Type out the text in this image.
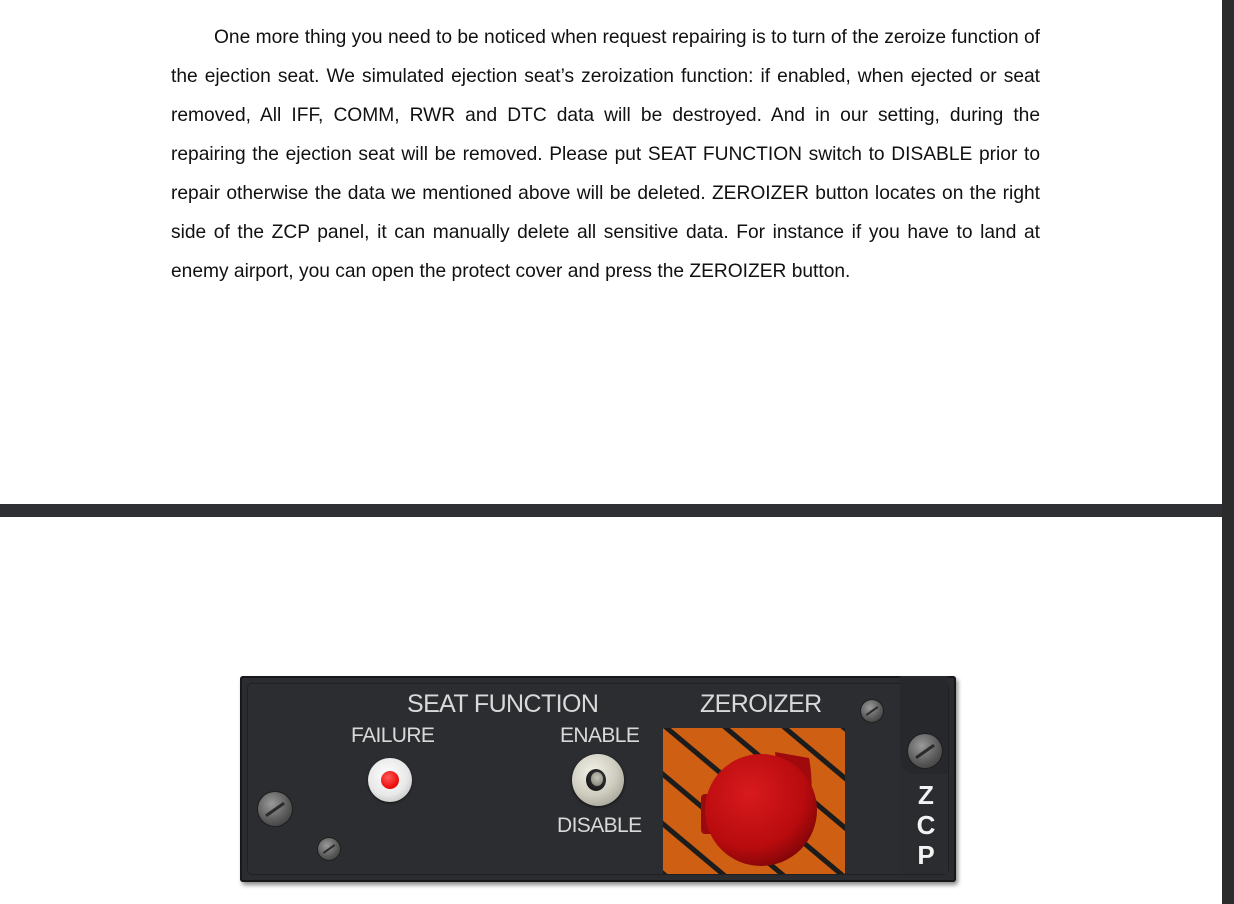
One more thing you need to be noticed when request repairing is to turn of the zeroize function of the ejection seat. We simulated ejection seat’s zeroization function: if enabled, when ejected or seat removed, All IFF, COMM, RWR and DTC data will be destroyed. And in our setting, during the repairing the ejection seat will be removed. Please put SEAT FUNCTION switch to DISABLE prior to repair otherwise the data we mentioned above will be deleted. ZEROIZER button locates on the right side of the ZCP panel, it can manually delete all sensitive data. For instance if you have to land at enemy airport, you can open the protect cover and press the ZEROIZER button.

SEAT FUNCTION
FAILURE	ENABLE
DISABLE
ZEROIZER
Z
C
P
